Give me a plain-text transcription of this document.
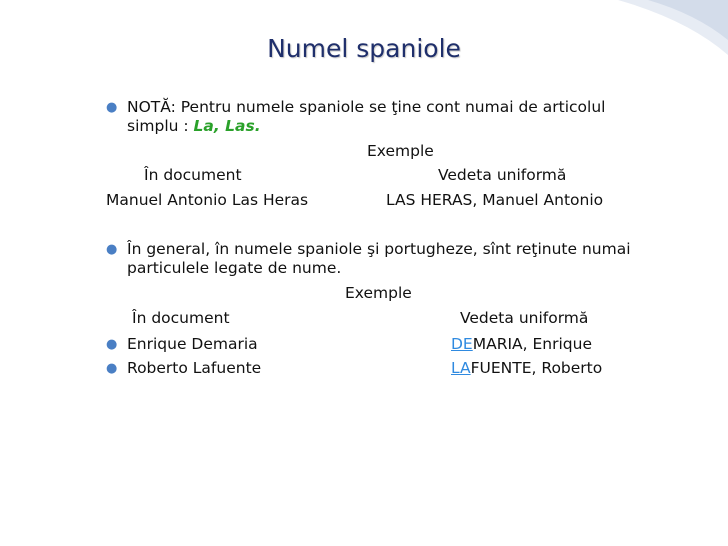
Numel spaniole
● NOTĂ: Pentru numele spaniole se ţine cont numai de articolul
simplu : La, Las.
Exemple
În document	Vedeta uniformă
Manuel Antonio Las Heras	LAS HERAS, Manuel Antonio
● În general, în numele spaniole şi portugheze, sînt reţinute numai
particulele legate de nume.
Exemple
În document	Vedeta uniformă
● Enrique Demaria	DEMARIA, Enrique
● Roberto Lafuente	LAFUENTE, Roberto
